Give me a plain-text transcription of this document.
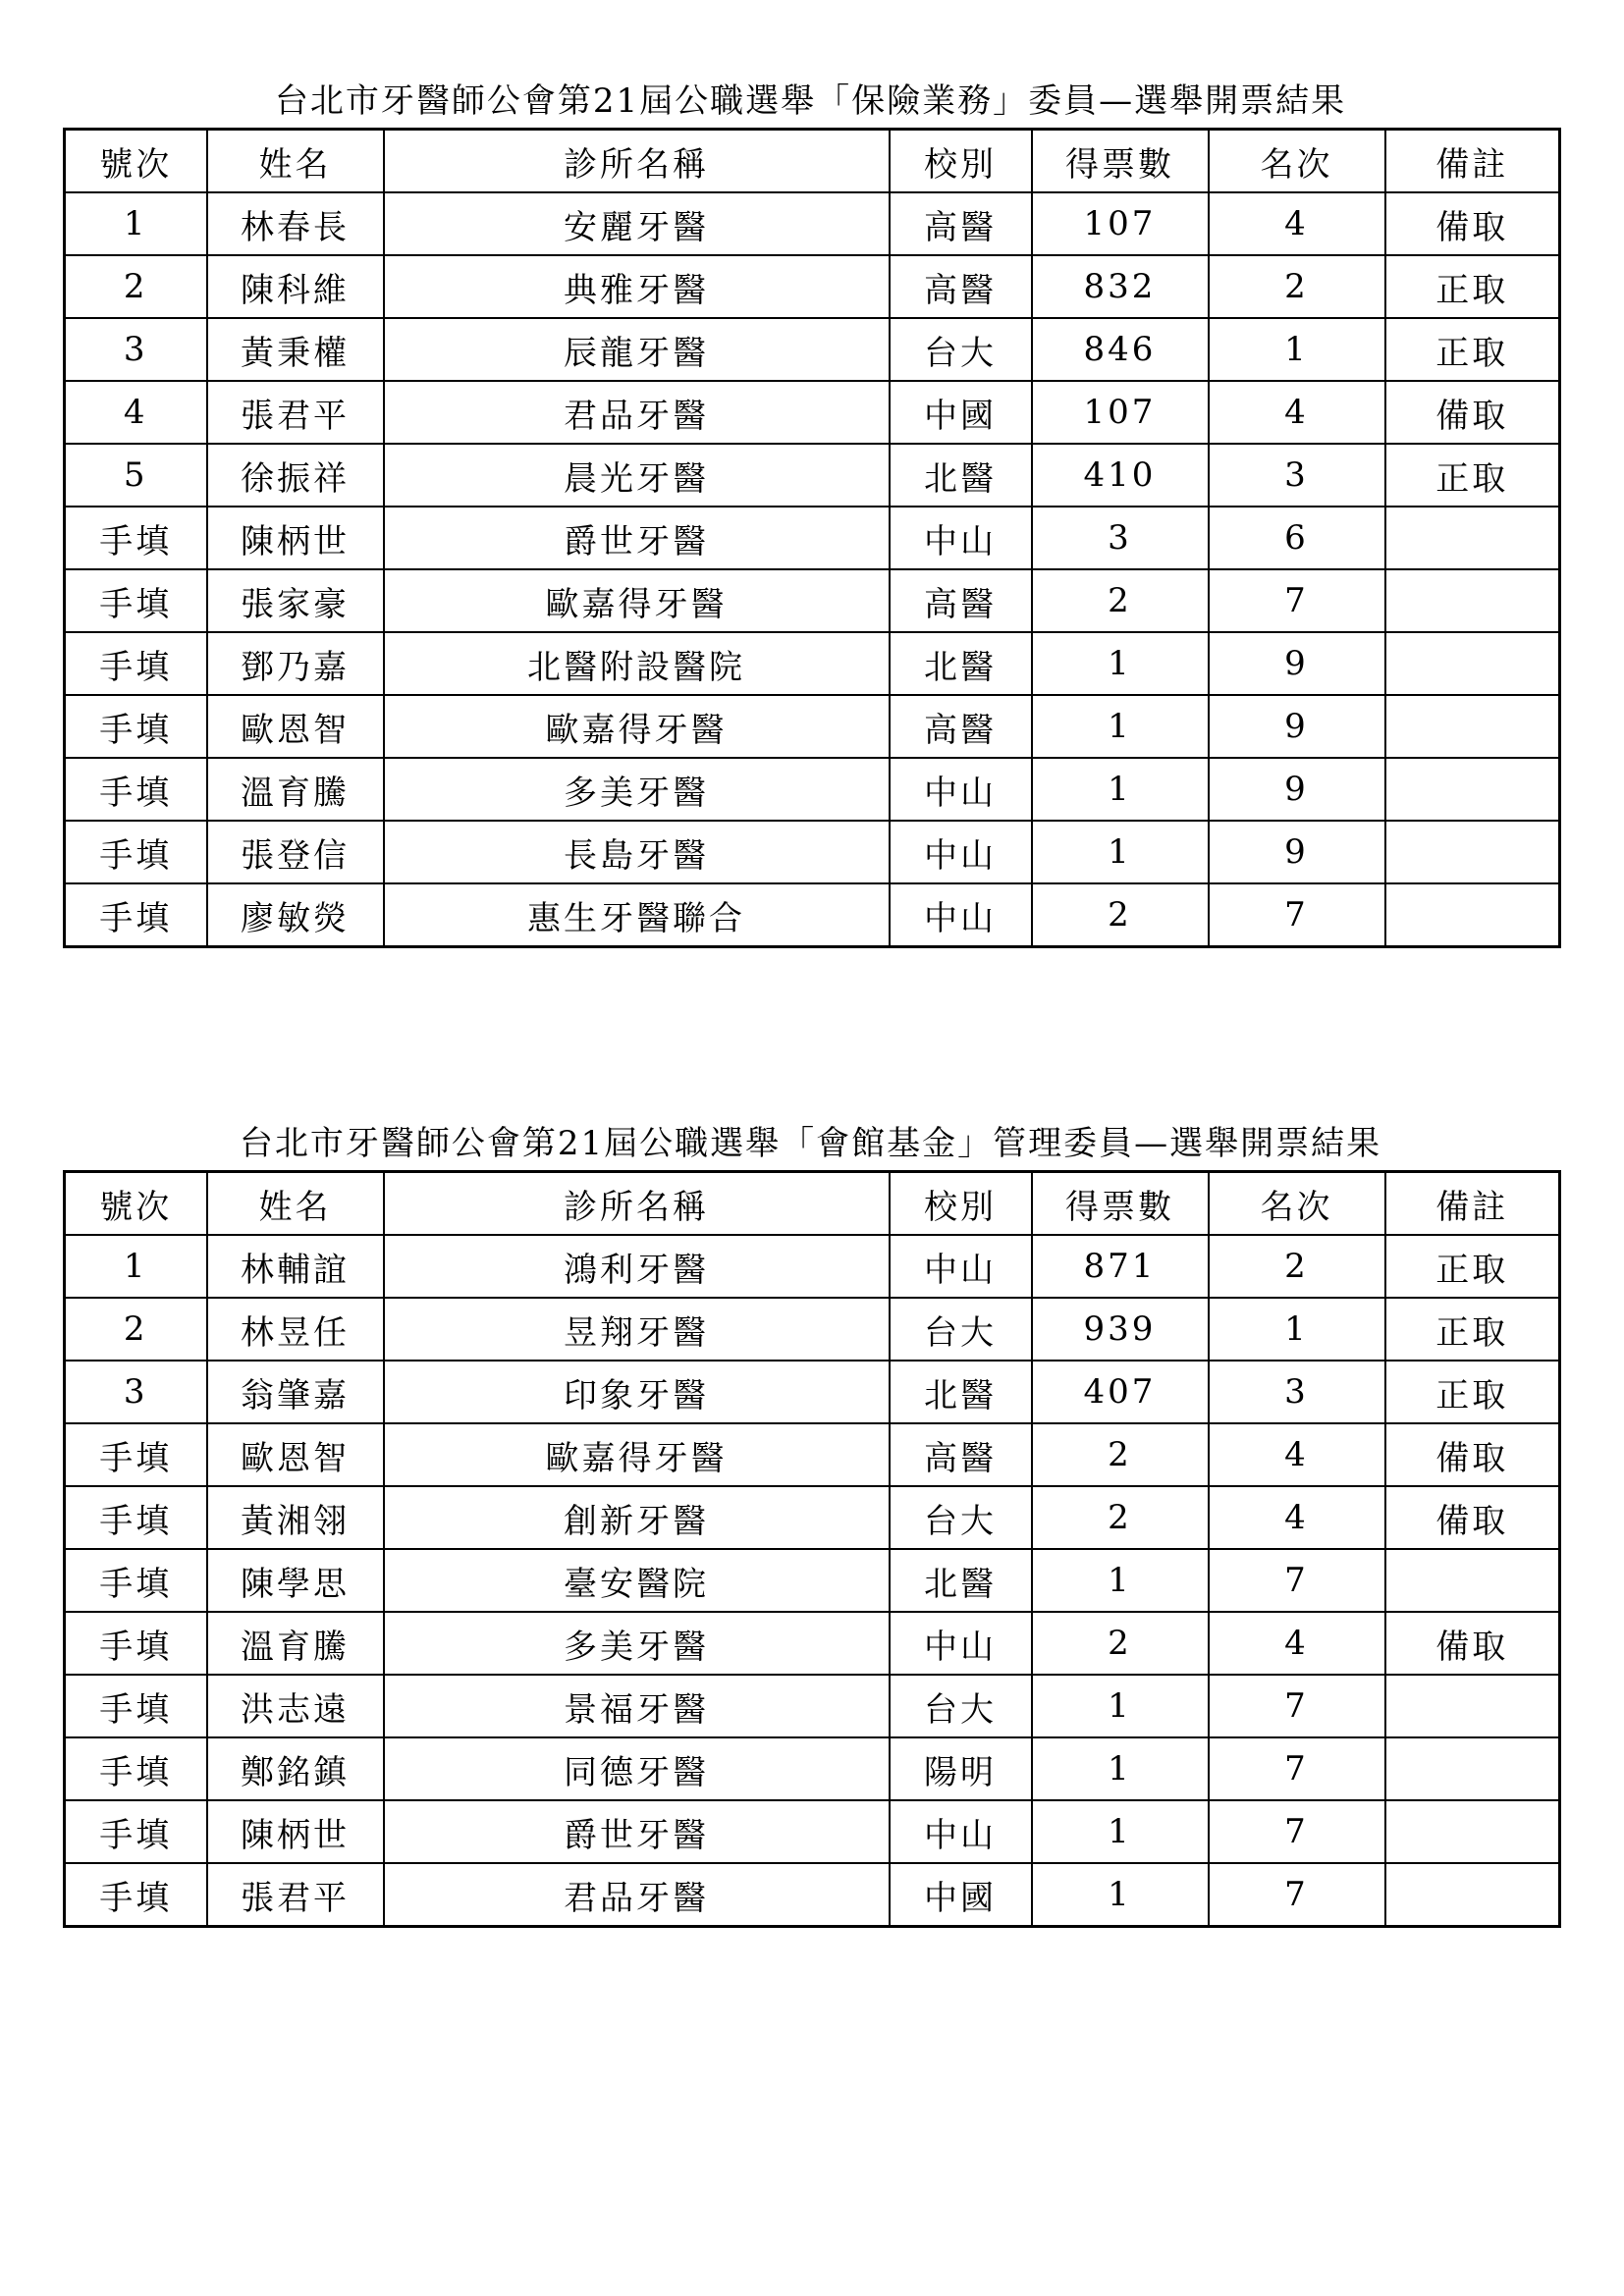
台北市牙醫師公會第21屆公職選舉「保險業務」委員—選舉開票結果
號次	姓名	診所名稱	校別	得票數	名次	備註
1	林春長	安麗牙醫	高醫	107	4	備取
2	陳科維	典雅牙醫	高醫	832	2	正取
3	黃秉權	辰龍牙醫	台大	846	1	正取
4	張君平	君品牙醫	中國	107	4	備取
5	徐振祥	晨光牙醫	北醫	410	3	正取
手填	陳柄世	爵世牙醫	中山	3	6	
手填	張家豪	歐嘉得牙醫	高醫	2	7	
手填	鄧乃嘉	北醫附設醫院	北醫	1	9	
手填	歐恩智	歐嘉得牙醫	高醫	1	9	
手填	溫育騰	多美牙醫	中山	1	9	
手填	張登信	長島牙醫	中山	1	9	
手填	廖敏熒	惠生牙醫聯合	中山	2	7	
台北市牙醫師公會第21屆公職選舉「會館基金」管理委員—選舉開票結果
號次	姓名	診所名稱	校別	得票數	名次	備註
1	林輔誼	鴻利牙醫	中山	871	2	正取
2	林昱任	昱翔牙醫	台大	939	1	正取
3	翁肇嘉	印象牙醫	北醫	407	3	正取
手填	歐恩智	歐嘉得牙醫	高醫	2	4	備取
手填	黃湘翎	創新牙醫	台大	2	4	備取
手填	陳學思	臺安醫院	北醫	1	7	
手填	溫育騰	多美牙醫	中山	2	4	備取
手填	洪志遠	景福牙醫	台大	1	7	
手填	鄭銘鎮	同德牙醫	陽明	1	7	
手填	陳柄世	爵世牙醫	中山	1	7	
手填	張君平	君品牙醫	中國	1	7	
